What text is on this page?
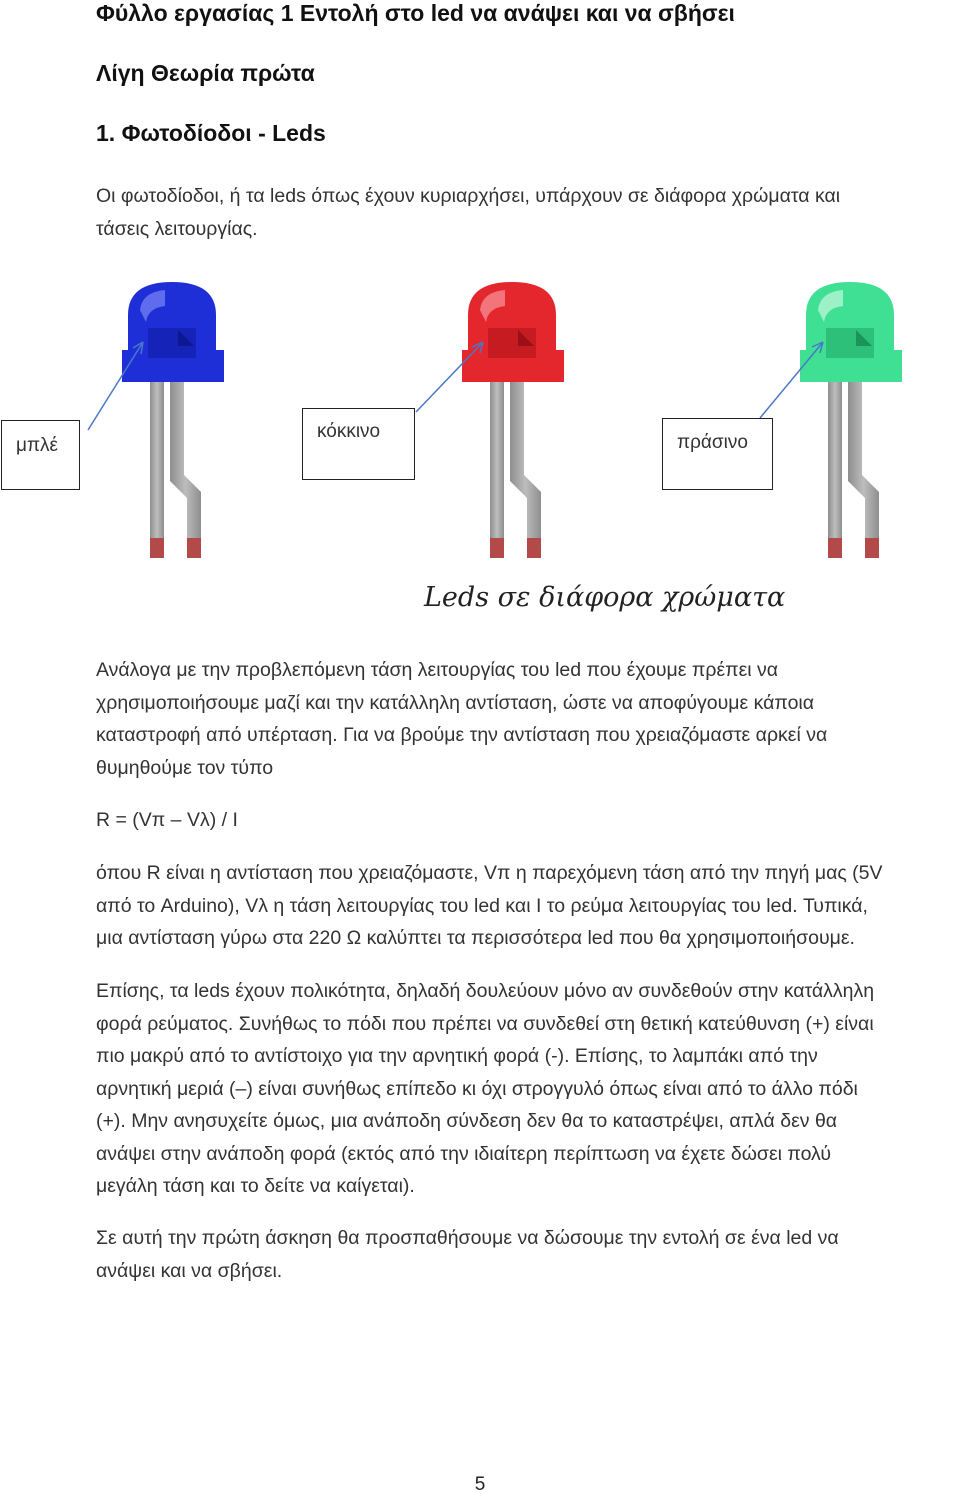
Φύλλο εργασίας 1 Εντολή στο led να ανάψει και να σβήσει
Λίγη Θεωρία πρώτα
1. Φωτοδίοδοι - Leds
Οι φωτοδίοδοι, ή τα leds όπως έχουν κυριαρχήσει, υπάρχουν σε διάφορα χρώματα και
τάσεις λειτουργίας.
μπλέ
κόκκινο
πράσινο
Leds σε διάφορα χρώματα
Ανάλογα με την προβλεπόμενη τάση λειτουργίας του led που έχουμε πρέπει να
χρησιμοποιήσουμε μαζί και την κατάλληλη αντίσταση, ώστε να αποφύγουμε κάποια
καταστροφή από υπέρταση. Για να βρούμε την αντίσταση που χρειαζόμαστε αρκεί να
θυμηθούμε τον τύπο
R = (Vπ – Vλ) / I
όπου R είναι η αντίσταση που χρειαζόμαστε, Vπ η παρεχόμενη τάση από την πηγή μας (5V
από το Arduino), Vλ η τάση λειτουργίας του led και I το ρεύμα λειτουργίας του led. Τυπικά,
μια αντίσταση γύρω στα 220 Ω καλύπτει τα περισσότερα led που θα χρησιμοποιήσουμε.
Επίσης, τα leds έχουν πολικότητα, δηλαδή δουλεύουν μόνο αν συνδεθούν στην κατάλληλη
φορά ρεύματος. Συνήθως το πόδι που πρέπει να συνδεθεί στη θετική κατεύθυνση (+) είναι
πιο μακρύ από το αντίστοιχο για την αρνητική φορά (-). Επίσης, το λαμπάκι από την
αρνητική μεριά (–) είναι συνήθως επίπεδο κι όχι στρογγυλό όπως είναι από το άλλο πόδι
(+). Μην ανησυχείτε όμως, μια ανάποδη σύνδεση δεν θα το καταστρέψει, απλά δεν θα
ανάψει στην ανάποδη φορά (εκτός από την ιδιαίτερη περίπτωση να έχετε δώσει πολύ
μεγάλη τάση και το δείτε να καίγεται).
Σε αυτή την πρώτη άσκηση θα προσπαθήσουμε να δώσουμε την εντολή σε ένα led να
ανάψει και να σβήσει.
5
